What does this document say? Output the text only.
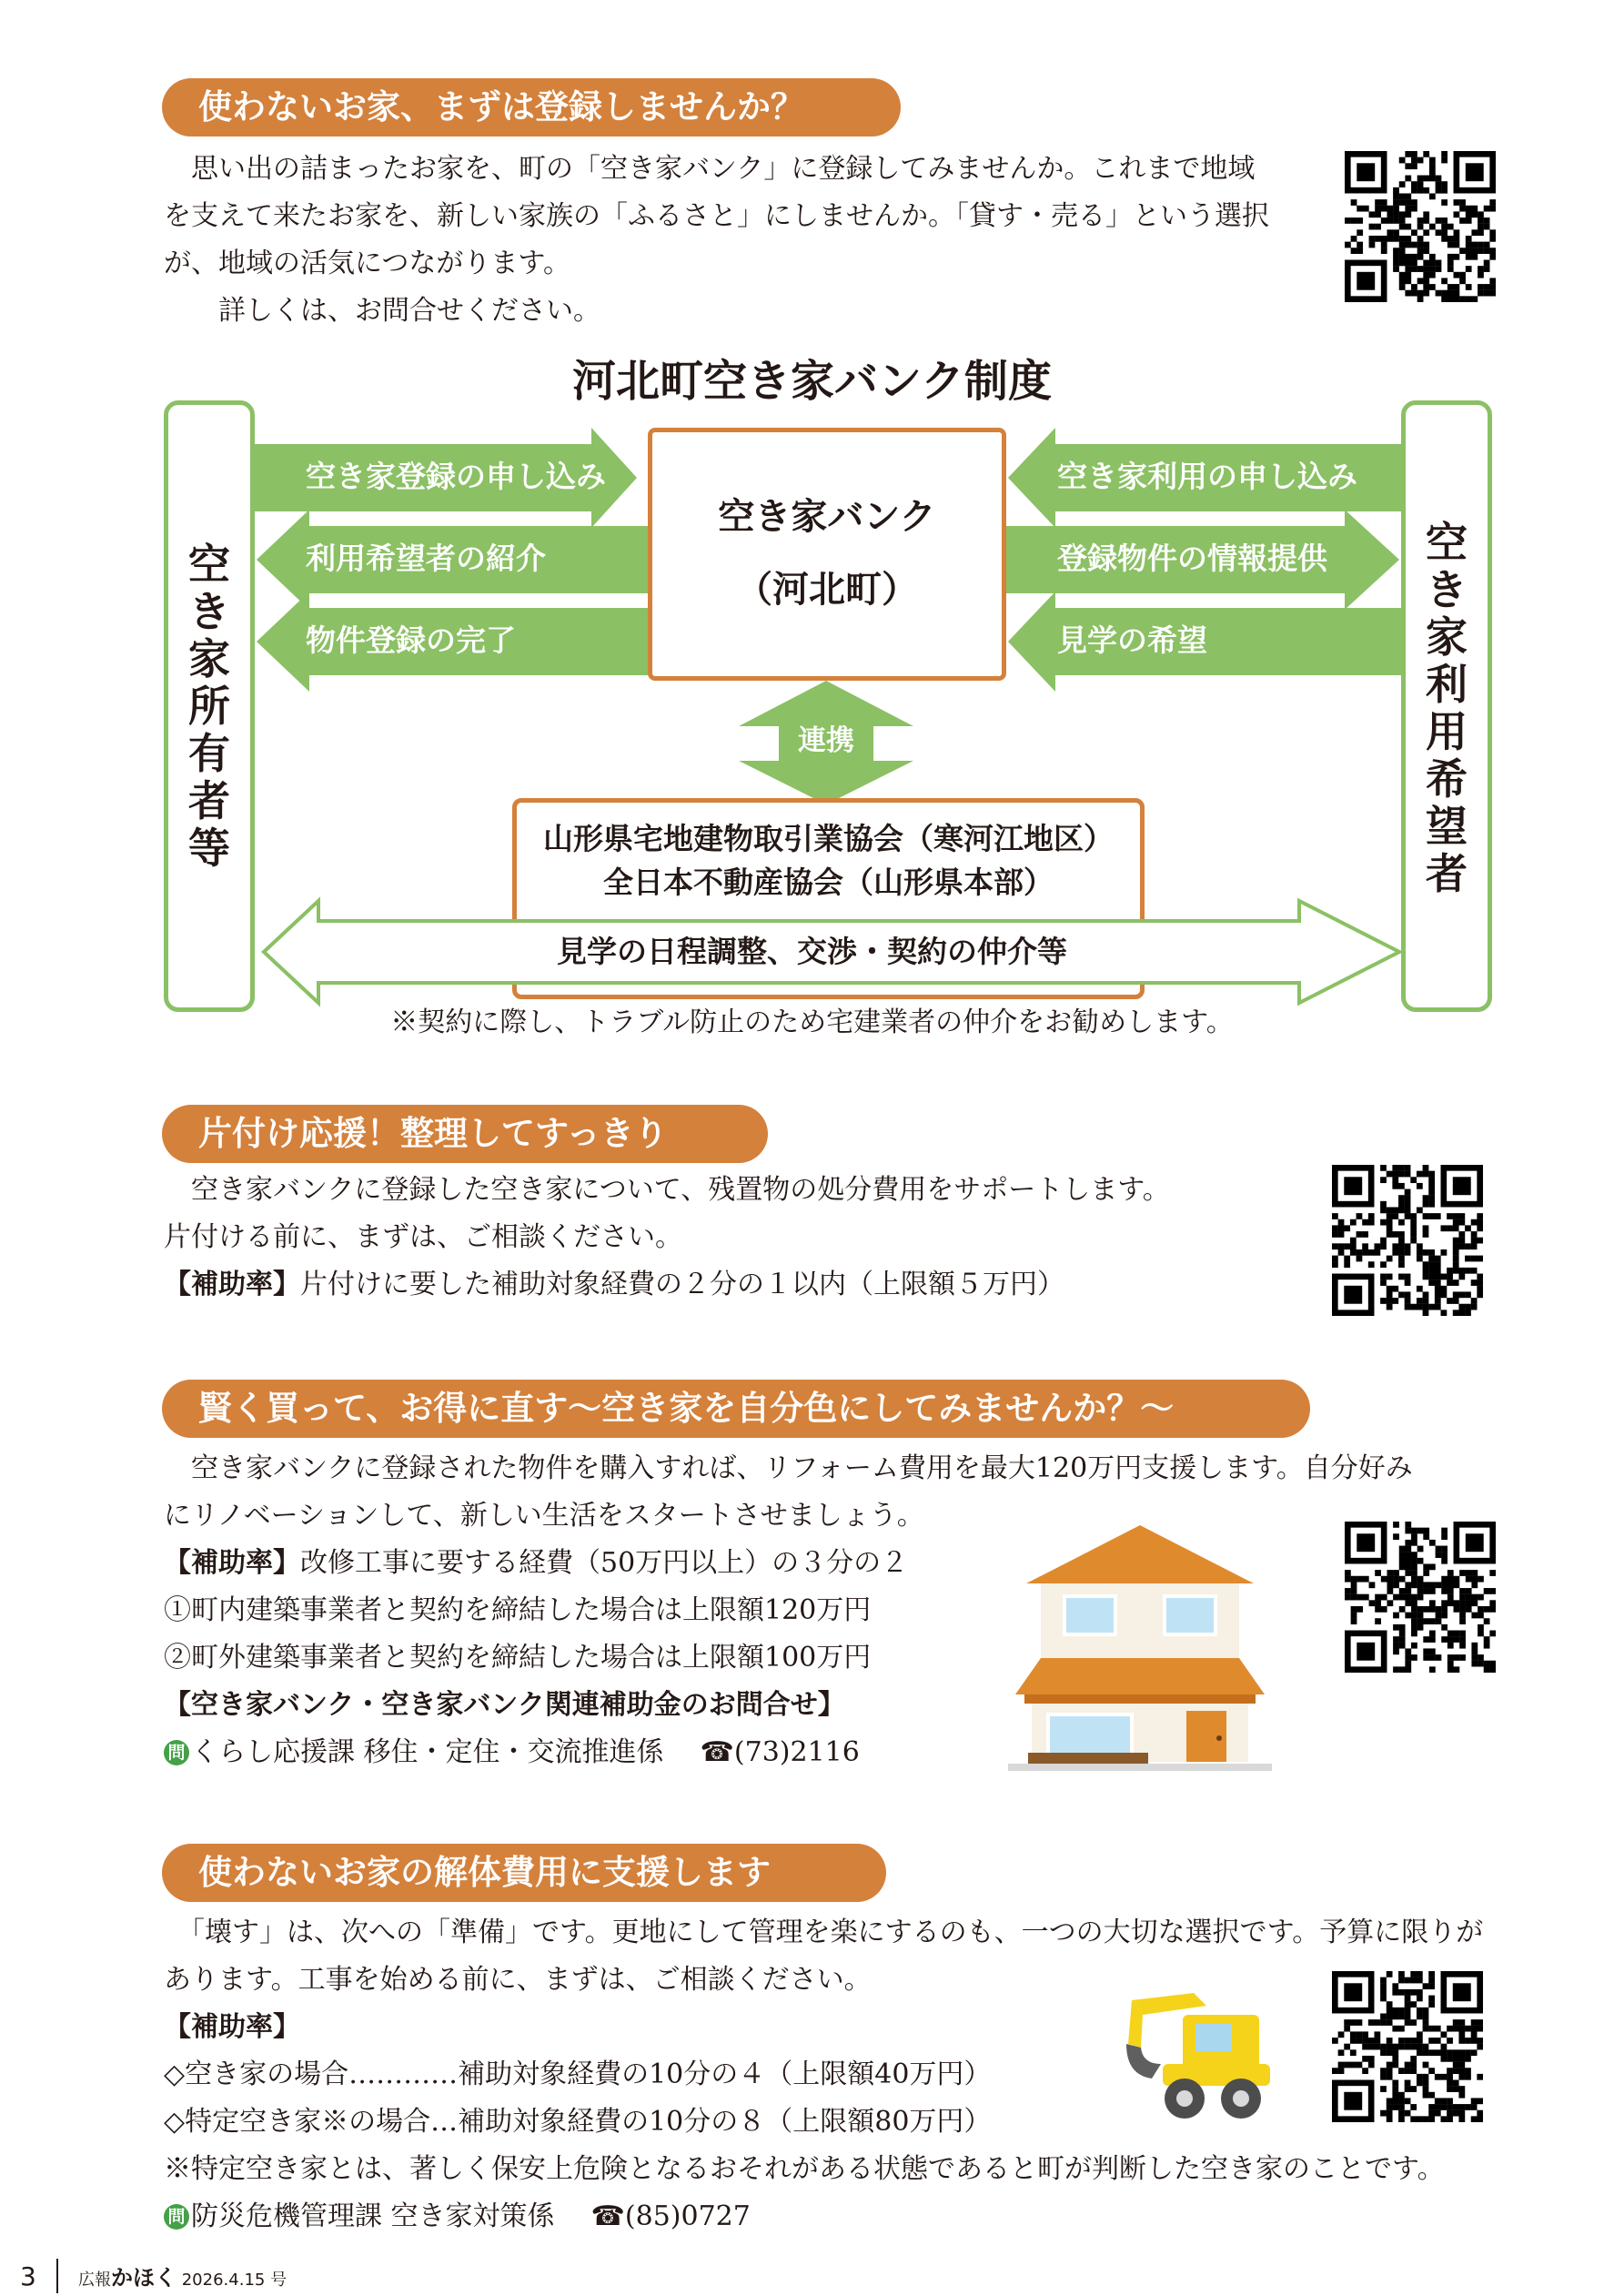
使わないお家、まずは登録しませんか？
　思い出の詰まったお家を、町の「空き家バンク」に登録してみませんか。これまで地域
を支えて来たお家を、新しい家族の「ふるさと」にしませんか。「貸す・売る」という選択
が、地域の活気につながります。
　　詳しくは、お問合せください。
河北町空き家バンク制度
空き家所有者等
空き家利用希望者
空き家登録の申し込み
利用希望者の紹介
物件登録の完了
空き家利用の申し込み
登録物件の情報提供
見学の希望
空き家バンク
（河北町）
連携
山形県宅地建物取引業協会（寒河江地区）
全日本不動産協会（山形県本部）
見学の日程調整、交渉・契約の仲介等
※契約に際し、トラブル防止のため宅建業者の仲介をお勧めします。
片付け応援！整理してすっきり
　空き家バンクに登録した空き家について、残置物の処分費用をサポートします。
片付ける前に、まずは、ご相談ください。
【補助率】片付けに要した補助対象経費の２分の１以内（上限額５万円）
賢く買って、お得に直す～空き家を自分色にしてみませんか？～
　空き家バンクに登録された物件を購入すれば、リフォーム費用を最大120万円支援します。自分好み
にリノベーションして、新しい生活をスタートさせましょう。
【補助率】改修工事に要する経費（50万円以上）の３分の２
①町内建築事業者と契約を締結した場合は上限額120万円
②町外建築事業者と契約を締結した場合は上限額100万円
【空き家バンク・空き家バンク関連補助金のお問合せ】
問 くらし応援課 移住・定住・交流推進係 ☎(73)2116
使わないお家の解体費用に支援します
　「壊す」は、次への「準備」です。更地にして管理を楽にするのも、一つの大切な選択です。予算に限りが
あります。工事を始める前に、まずは、ご相談ください。
【補助率】
◇空き家の場合…………補助対象経費の10分の４（上限額40万円）
◇特定空き家※の場合…補助対象経費の10分の８（上限額80万円）
※特定空き家とは、著しく保安上危険となるおそれがある状態であると町が判断した空き家のことです。
問 防災危機管理課 空き家対策係 ☎(85)0727
3	広報かほく 2026.4.15 号
